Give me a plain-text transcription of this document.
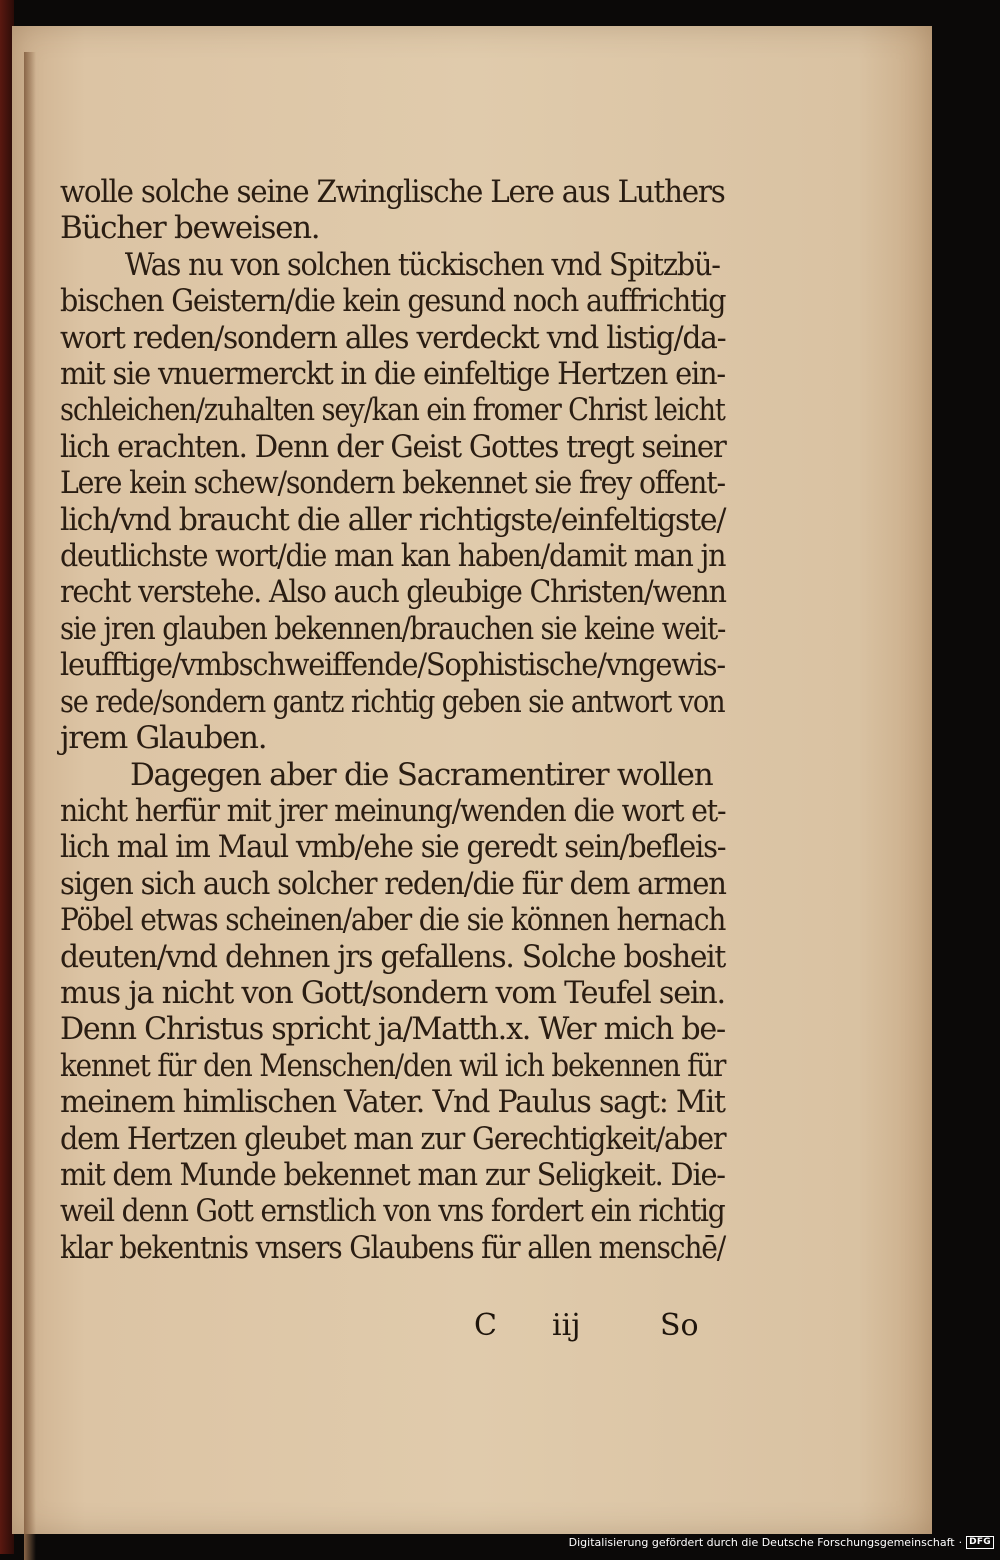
wolle solche seine Zwinglische Lere aus Luthers
Bücher beweisen.
Was nu von solchen tückischen vnd Spitzbü-
bischen Geistern/die kein gesund noch auffrichtig
wort reden/sondern alles verdeckt vnd listig/da-
mit sie vnuermerckt in die einfeltige Hertzen ein-
schleichen/zuhalten sey/kan ein fromer Christ leicht
lich erachten. Denn der Geist Gottes tregt seiner
Lere kein schew/sondern bekennet sie frey offent-
lich/vnd braucht die aller richtigste/einfeltigste/
deutlichste wort/die man kan haben/damit man jn
recht verstehe. Also auch gleubige Christen/wenn
sie jren glauben bekennen/brauchen sie keine weit-
leufftige/vmbschweiffende/Sophistische/vngewis-
se rede/sondern gantz richtig geben sie antwort von
jrem Glauben.
Dagegen aber die Sacramentirer wollen
nicht herfür mit jrer meinung/wenden die wort et-
lich mal im Maul vmb/ehe sie geredt sein/befleis-
sigen sich auch solcher reden/die für dem armen
Pöbel etwas scheinen/aber die sie können hernach
deuten/vnd dehnen jrs gefallens. Solche bosheit
mus ja nicht von Gott/sondern vom Teufel sein.
Denn Christus spricht ja/Matth.x. Wer mich be-
kennet für den Menschen/den wil ich bekennen für
meinem himlischen Vater. Vnd Paulus sagt: Mit
dem Hertzen gleubet man zur Gerechtigkeit/aber
mit dem Munde bekennet man zur Seligkeit. Die-
weil denn Gott ernstlich von vns fordert ein richtig
klar bekentnis vnsers Glaubens für allen menschē/
C iij	So
Digitalisierung gefördert durch die Deutsche Forschungsgemeinschaft · DFG
